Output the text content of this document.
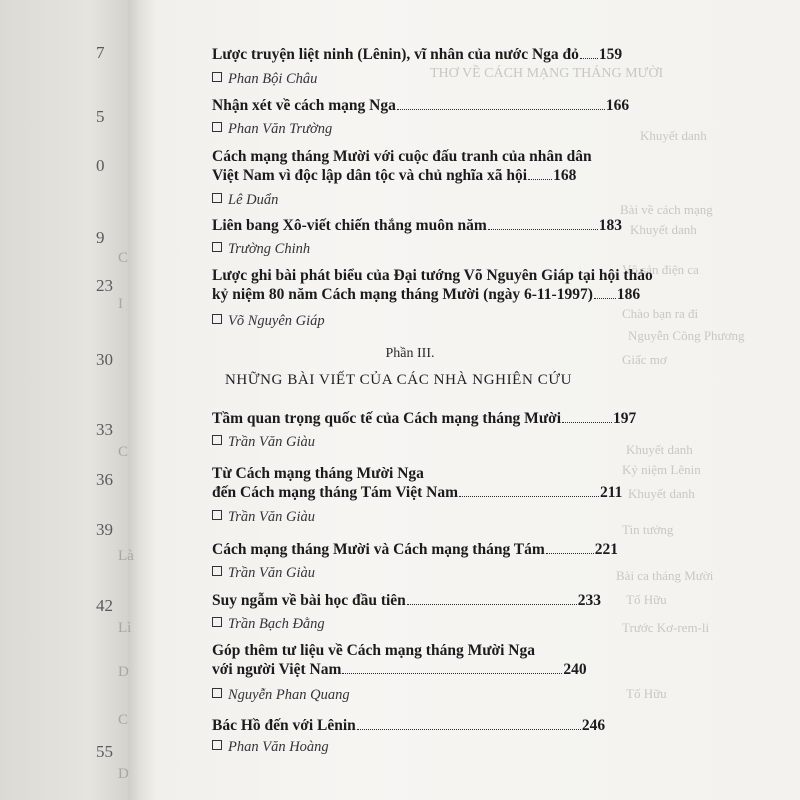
7
5
0
9
23
30
33
36
39
42
55
C
I
C
Là
Lì
D
C
D
THƠ VỀ CÁCH MẠNG THÁNG MƯỜI
Khuyết danh
Bài về cách mạng
Khuyết danh
Vô sản điện ca
Chào bạn ra đi
Nguyễn Công Phương
Giấc mơ
Khuyết danh
Kỷ niệm Lênin
Khuyết danh
Tin tưởng
Bài ca tháng Mười
Tố Hữu
Trước Kơ-rem-li
Tố Hữu
Lược truyện liệt ninh (Lênin), vĩ nhân của nước Nga đỏ 159
Phan Bội Châu
Nhận xét về cách mạng Nga	166
Phan Văn Trường
Cách mạng tháng Mười với cuộc đấu tranh của nhân dân
Việt Nam vì độc lập dân tộc và chủ nghĩa xã hội 168
Lê Duẩn
Liên bang Xô-viết chiến thắng muôn năm	183
Trường Chinh
Lược ghi bài phát biểu của Đại tướng Võ Nguyên Giáp tại hội thảo
kỷ niệm 80 năm Cách mạng tháng Mười (ngày 6-11-1997) 186
Võ Nguyên Giáp
Phần III.
NHỮNG BÀI VIẾT CỦA CÁC NHÀ NGHIÊN CỨU
Tầm quan trọng quốc tế của Cách mạng tháng Mười	197
Trần Văn Giàu
Từ Cách mạng tháng Mười Nga
đến Cách mạng tháng Tám Việt Nam	211
Trần Văn Giàu
Cách mạng tháng Mười và Cách mạng tháng Tám	221
Trần Văn Giàu
Suy ngẫm về bài học đầu tiên	233
Trần Bạch Đằng
Góp thêm tư liệu về Cách mạng tháng Mười Nga
với người Việt Nam	240
Nguyễn Phan Quang
Bác Hồ đến với Lênin	246
Phan Văn Hoàng
